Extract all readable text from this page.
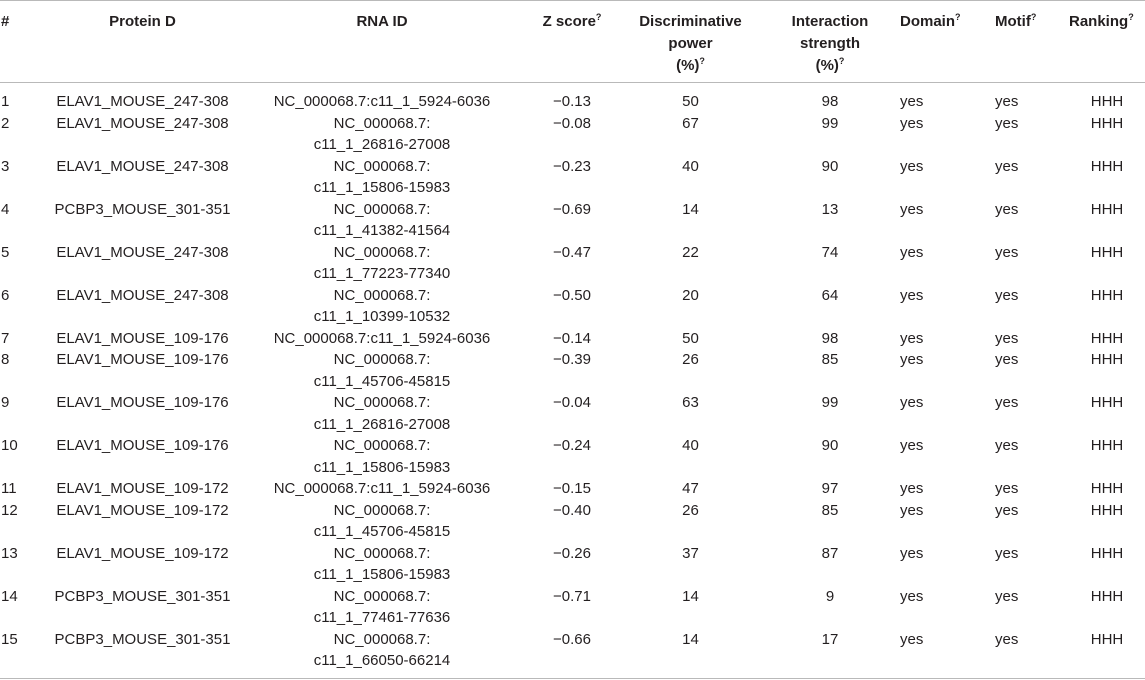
#	Protein D	RNA ID	Z score?	Discriminative
power
(%)?	Interaction
strength
(%)?	Domain?	Motif?	Ranking?

1	ELAV1_MOUSE_247-308	NC_000068.7:c11_1_5924-6036	−0.13	50	98	yes	yes	HHH
2	ELAV1_MOUSE_247-308	NC_000068.7:
c11_1_26816-27008	−0.08	67	99	yes	yes	HHH
3	ELAV1_MOUSE_247-308	NC_000068.7:
c11_1_15806-15983	−0.23	40	90	yes	yes	HHH
4	PCBP3_MOUSE_301-351	NC_000068.7:
c11_1_41382-41564	−0.69	14	13	yes	yes	HHH
5	ELAV1_MOUSE_247-308	NC_000068.7:
c11_1_77223-77340	−0.47	22	74	yes	yes	HHH
6	ELAV1_MOUSE_247-308	NC_000068.7:
c11_1_10399-10532	−0.50	20	64	yes	yes	HHH
7	ELAV1_MOUSE_109-176	NC_000068.7:c11_1_5924-6036	−0.14	50	98	yes	yes	HHH
8	ELAV1_MOUSE_109-176	NC_000068.7:
c11_1_45706-45815	−0.39	26	85	yes	yes	HHH
9	ELAV1_MOUSE_109-176	NC_000068.7:
c11_1_26816-27008	−0.04	63	99	yes	yes	HHH
10	ELAV1_MOUSE_109-176	NC_000068.7:
c11_1_15806-15983	−0.24	40	90	yes	yes	HHH
11	ELAV1_MOUSE_109-172	NC_000068.7:c11_1_5924-6036	−0.15	47	97	yes	yes	HHH
12	ELAV1_MOUSE_109-172	NC_000068.7:
c11_1_45706-45815	−0.40	26	85	yes	yes	HHH
13	ELAV1_MOUSE_109-172	NC_000068.7:
c11_1_15806-15983	−0.26	37	87	yes	yes	HHH
14	PCBP3_MOUSE_301-351	NC_000068.7:
c11_1_77461-77636	−0.71	14	9	yes	yes	HHH
15	PCBP3_MOUSE_301-351	NC_000068.7:
c11_1_66050-66214	−0.66	14	17	yes	yes	HHH
